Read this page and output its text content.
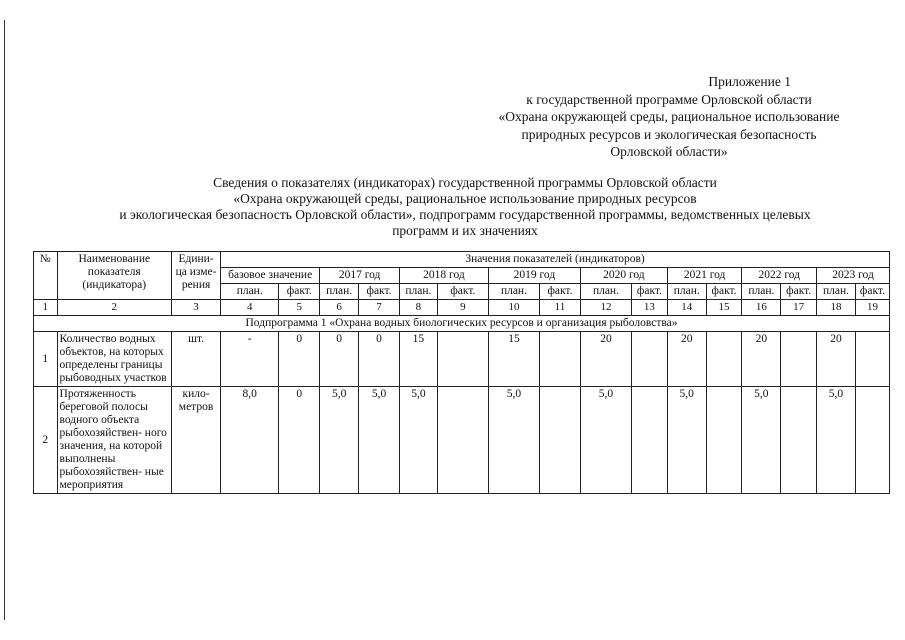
Приложение 1
к государственной программе Орловской области
«Охрана окружающей среды, рациональное использование
природных ресурсов и экологическая безопасность
Орловской области»
Сведения о показателях (индикаторах) государственной программы Орловской области
«Охрана окружающей среды, рациональное использование природных ресурсов
и экологическая безопасность Орловской области», подпрограмм государственной программы, ведомственных целевых
программ и их значениях
№	Наименование показателя (индикатора)	Едини- ца изме- рения	Значения показателей (индикаторов)															
			базовое значение		2017 год		2018 год		2019 год		2020 год		2021 год		2022 год		2023 год	
			план.	факт.	план.	факт.	план.	факт.	план.	факт.	план.	факт.	план.	факт.	план.	факт.	план.	факт.
1	2	3	4	5	6	7	8	9	10	11	12	13	14	15	16	17	18	19
Подпрограмма 1 «Охрана водных биологических ресурсов и организация рыболовства»																		
1	Количество водных объектов, на которых определены границы рыбоводных участков	шт.	-	0	0	0	15		15		20		20		20		20	
2	Протяженность береговой полосы водного объекта рыбохозяйствен- ного значения, на которой выполнены рыбохозяйствен- ные мероприятия	кило- метров	8,0	0	5,0	5,0	5,0		5,0		5,0		5,0		5,0		5,0	
